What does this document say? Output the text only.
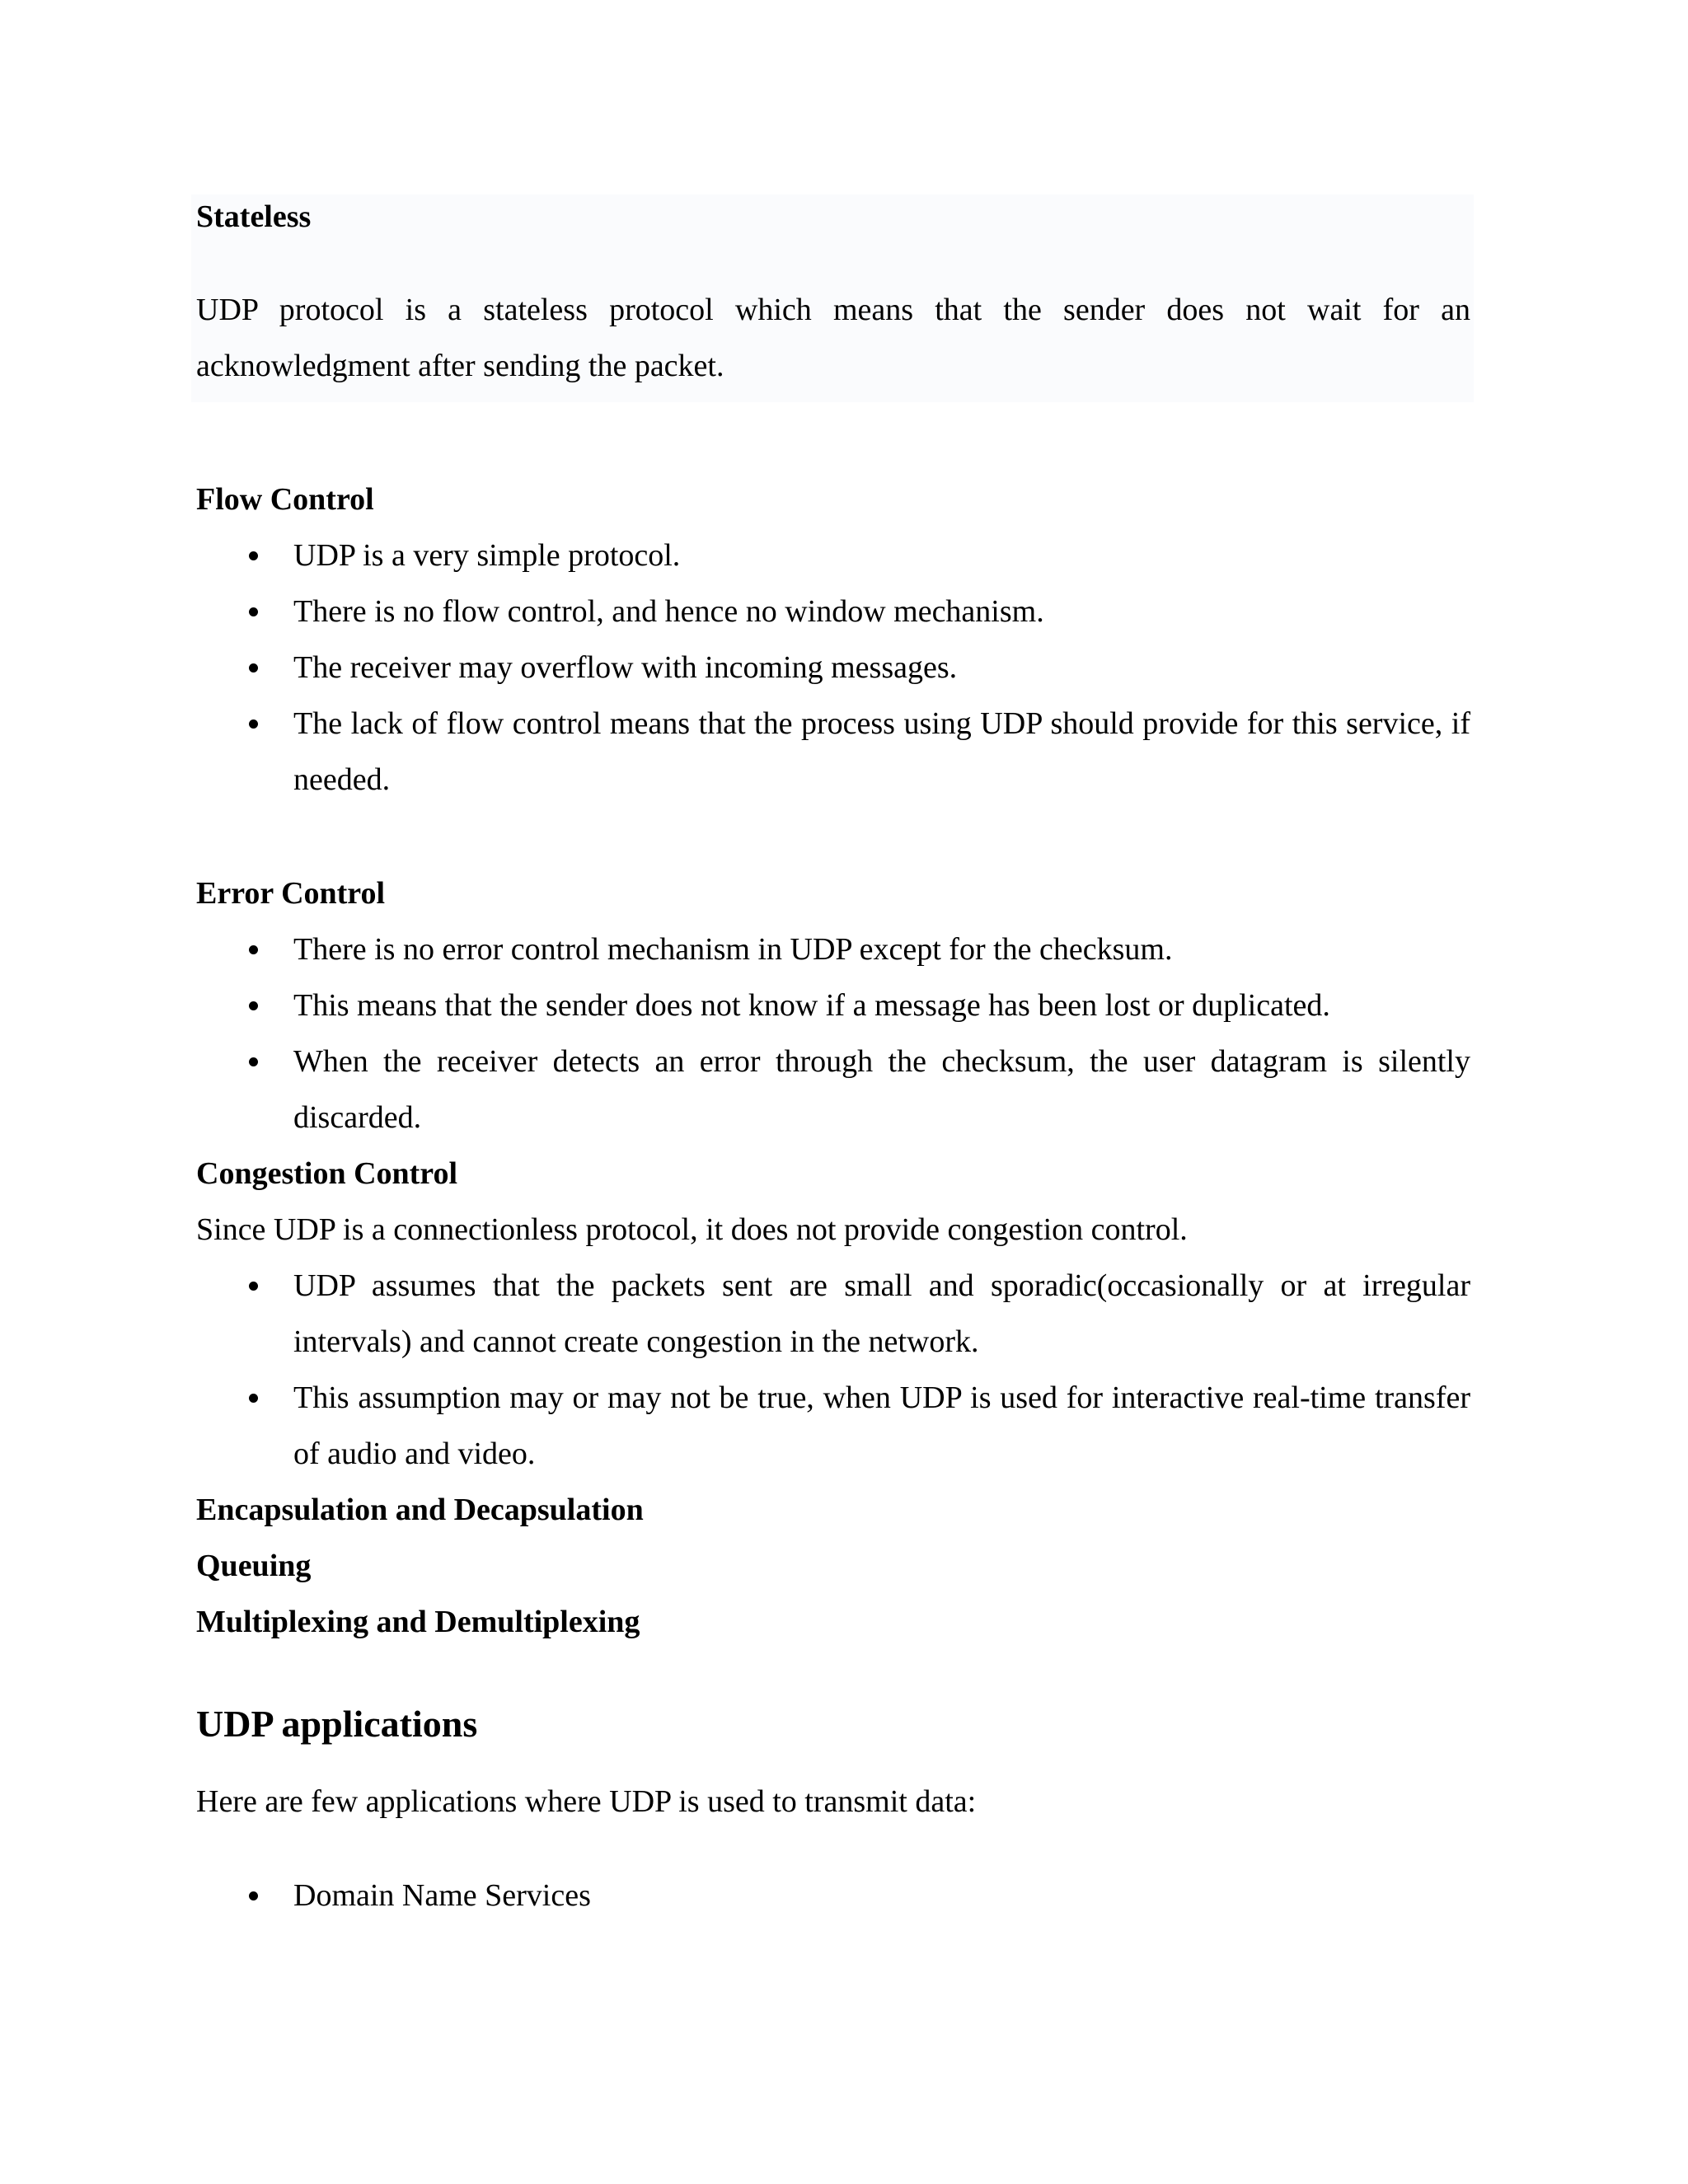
Stateless

UDP protocol is a stateless protocol which means that the sender does not wait for an acknowledgment after sending the packet.

Flow Control

UDP is a very simple protocol.
There is no flow control, and hence no window mechanism.
The receiver may overflow with incoming messages.
The lack of flow control means that the process using UDP should provide for this service, if needed.

Error Control

There is no error control mechanism in UDP except for the checksum.
This means that the sender does not know if a message has been lost or duplicated.
When the receiver detects an error through the checksum, the user datagram is silently discarded.

Congestion Control

Since UDP is a connectionless protocol, it does not provide congestion control.

UDP assumes that the packets sent are small and sporadic(occasionally or at irregular intervals) and cannot create congestion in the network.
This assumption may or may not be true, when UDP is used for interactive real-time transfer of audio and video.

Encapsulation and Decapsulation

Queuing

Multiplexing and Demultiplexing

UDP applications

Here are few applications where UDP is used to transmit data:

Domain Name Services
